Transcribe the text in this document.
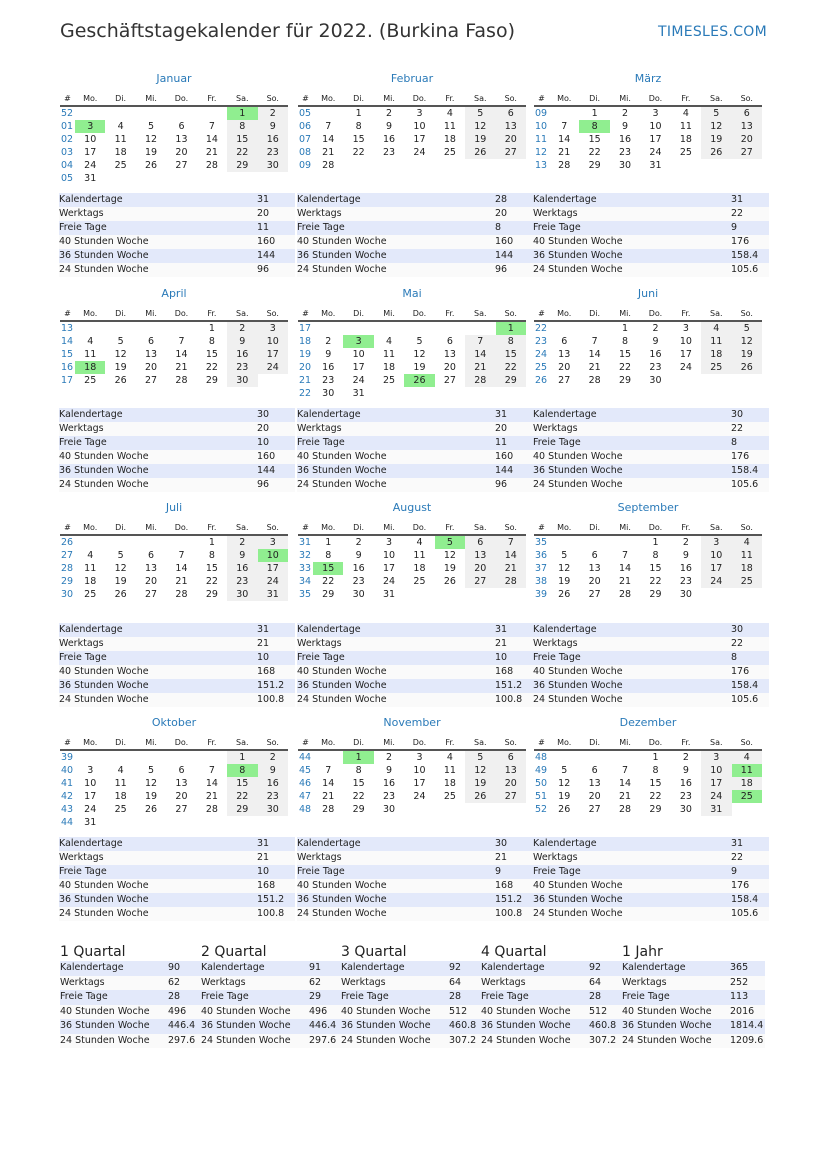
Geschäftstagekalender für 2022. (Burkina Faso)	TIMESLES.COM
Januar
#	Mo.	Di.	Mi.	Do.	Fr.	Sa.	So.
52						1	2
01	3	4	5	6	7	8	9
02	10	11	12	13	14	15	16
03	17	18	19	20	21	22	23
04	24	25	26	27	28	29	30
05	31						
Kalendertage	31
Werktags	20
Freie Tage	11
40 Stunden Woche	160
36 Stunden Woche	144
24 Stunden Woche	96
Februar
#	Mo.	Di.	Mi.	Do.	Fr.	Sa.	So.
05		1	2	3	4	5	6
06	7	8	9	10	11	12	13
07	14	15	16	17	18	19	20
08	21	22	23	24	25	26	27
09	28						
Kalendertage	28
Werktags	20
Freie Tage	8
40 Stunden Woche	160
36 Stunden Woche	144
24 Stunden Woche	96
März
#	Mo.	Di.	Mi.	Do.	Fr.	Sa.	So.
09		1	2	3	4	5	6
10	7	8	9	10	11	12	13
11	14	15	16	17	18	19	20
12	21	22	23	24	25	26	27
13	28	29	30	31			
Kalendertage	31
Werktags	22
Freie Tage	9
40 Stunden Woche	176
36 Stunden Woche	158.4
24 Stunden Woche	105.6
April
#	Mo.	Di.	Mi.	Do.	Fr.	Sa.	So.
13					1	2	3
14	4	5	6	7	8	9	10
15	11	12	13	14	15	16	17
16	18	19	20	21	22	23	24
17	25	26	27	28	29	30	
Kalendertage	30
Werktags	20
Freie Tage	10
40 Stunden Woche	160
36 Stunden Woche	144
24 Stunden Woche	96
Mai
#	Mo.	Di.	Mi.	Do.	Fr.	Sa.	So.
17							1
18	2	3	4	5	6	7	8
19	9	10	11	12	13	14	15
20	16	17	18	19	20	21	22
21	23	24	25	26	27	28	29
22	30	31					
Kalendertage	31
Werktags	20
Freie Tage	11
40 Stunden Woche	160
36 Stunden Woche	144
24 Stunden Woche	96
Juni
#	Mo.	Di.	Mi.	Do.	Fr.	Sa.	So.
22			1	2	3	4	5
23	6	7	8	9	10	11	12
24	13	14	15	16	17	18	19
25	20	21	22	23	24	25	26
26	27	28	29	30			
Kalendertage	30
Werktags	22
Freie Tage	8
40 Stunden Woche	176
36 Stunden Woche	158.4
24 Stunden Woche	105.6
Juli
#	Mo.	Di.	Mi.	Do.	Fr.	Sa.	So.
26					1	2	3
27	4	5	6	7	8	9	10
28	11	12	13	14	15	16	17
29	18	19	20	21	22	23	24
30	25	26	27	28	29	30	31
Kalendertage	31
Werktags	21
Freie Tage	10
40 Stunden Woche	168
36 Stunden Woche	151.2
24 Stunden Woche	100.8
August
#	Mo.	Di.	Mi.	Do.	Fr.	Sa.	So.
31	1	2	3	4	5	6	7
32	8	9	10	11	12	13	14
33	15	16	17	18	19	20	21
34	22	23	24	25	26	27	28
35	29	30	31				
Kalendertage	31
Werktags	21
Freie Tage	10
40 Stunden Woche	168
36 Stunden Woche	151.2
24 Stunden Woche	100.8
September
#	Mo.	Di.	Mi.	Do.	Fr.	Sa.	So.
35				1	2	3	4
36	5	6	7	8	9	10	11
37	12	13	14	15	16	17	18
38	19	20	21	22	23	24	25
39	26	27	28	29	30		
Kalendertage	30
Werktags	22
Freie Tage	8
40 Stunden Woche	176
36 Stunden Woche	158.4
24 Stunden Woche	105.6
Oktober
#	Mo.	Di.	Mi.	Do.	Fr.	Sa.	So.
39						1	2
40	3	4	5	6	7	8	9
41	10	11	12	13	14	15	16
42	17	18	19	20	21	22	23
43	24	25	26	27	28	29	30
44	31						
Kalendertage	31
Werktags	21
Freie Tage	10
40 Stunden Woche	168
36 Stunden Woche	151.2
24 Stunden Woche	100.8
November
#	Mo.	Di.	Mi.	Do.	Fr.	Sa.	So.
44		1	2	3	4	5	6
45	7	8	9	10	11	12	13
46	14	15	16	17	18	19	20
47	21	22	23	24	25	26	27
48	28	29	30				
Kalendertage	30
Werktags	21
Freie Tage	9
40 Stunden Woche	168
36 Stunden Woche	151.2
24 Stunden Woche	100.8
Dezember
#	Mo.	Di.	Mi.	Do.	Fr.	Sa.	So.
48				1	2	3	4
49	5	6	7	8	9	10	11
50	12	13	14	15	16	17	18
51	19	20	21	22	23	24	25
52	26	27	28	29	30	31	
Kalendertage	31
Werktags	22
Freie Tage	9
40 Stunden Woche	176
36 Stunden Woche	158.4
24 Stunden Woche	105.6
1 Quartal
Kalendertage	90
Werktags	62
Freie Tage	28
40 Stunden Woche	496
36 Stunden Woche	446.4
24 Stunden Woche	297.6
2 Quartal
Kalendertage	91
Werktags	62
Freie Tage	29
40 Stunden Woche	496
36 Stunden Woche	446.4
24 Stunden Woche	297.6
3 Quartal
Kalendertage	92
Werktags	64
Freie Tage	28
40 Stunden Woche	512
36 Stunden Woche	460.8
24 Stunden Woche	307.2
4 Quartal
Kalendertage	92
Werktags	64
Freie Tage	28
40 Stunden Woche	512
36 Stunden Woche	460.8
24 Stunden Woche	307.2
1 Jahr
Kalendertage	365
Werktags	252
Freie Tage	113
40 Stunden Woche	2016
36 Stunden Woche	1814.4
24 Stunden Woche	1209.6
